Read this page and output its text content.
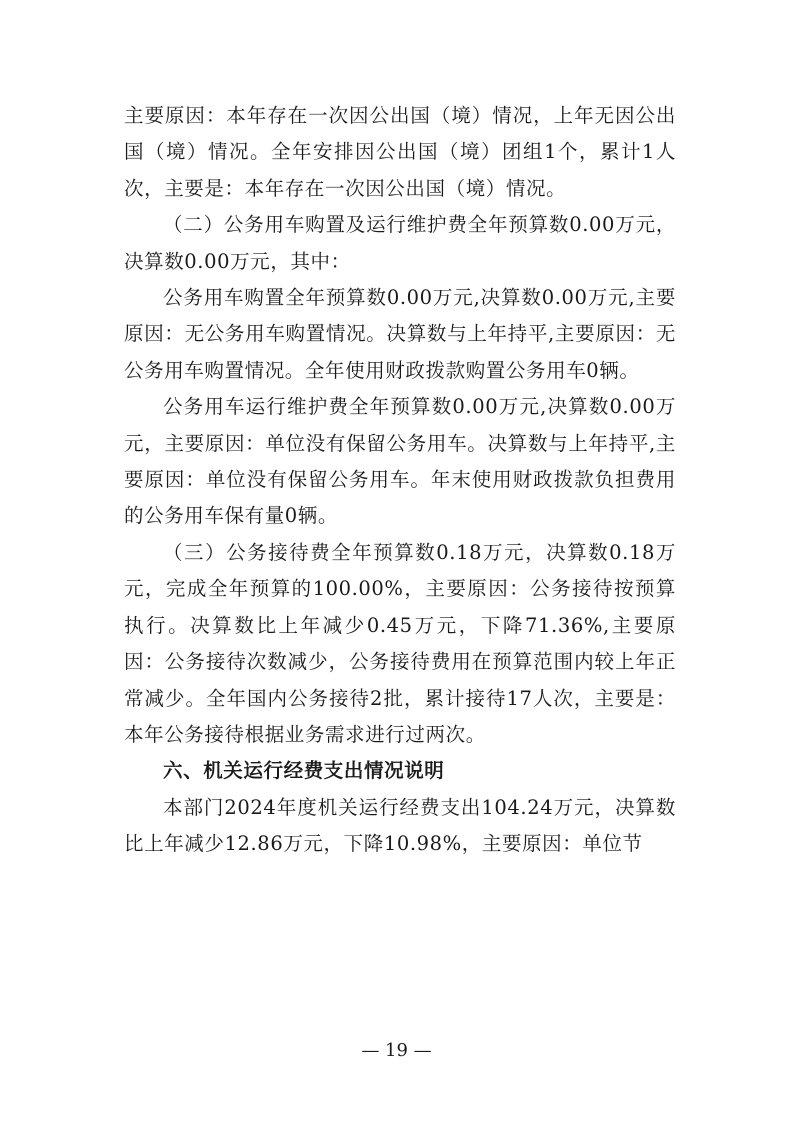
主要原因：本年存在一次因公出国（境）情况，上年无因公出国（境）情况。全年安排因公出国（境）团组1个，累计1人次，主要是：本年存在一次因公出国（境）情况。

（二）公务用车购置及运行维护费全年预算数0.00万元，决算数0.00万元，其中：

公务用车购置全年预算数0.00万元,决算数0.00万元,主要原因：无公务用车购置情况。决算数与上年持平,主要原因：无公务用车购置情况。全年使用财政拨款购置公务用车0辆。

公务用车运行维护费全年预算数0.00万元,决算数0.00万元，主要原因：单位没有保留公务用车。决算数与上年持平,主要原因：单位没有保留公务用车。年末使用财政拨款负担费用的公务用车保有量0辆。

（三）公务接待费全年预算数0.18万元，决算数0.18万元，完成全年预算的100.00%，主要原因：公务接待按预算执行。决算数比上年减少0.45万元，下降71.36%,主要原因：公务接待次数减少，公务接待费用在预算范围内较上年正常减少。全年国内公务接待2批，累计接待17人次，主要是：本年公务接待根据业务需求进行过两次。

六、机关运行经费支出情况说明

本部门2024年度机关运行经费支出104.24万元，决算数比上年减少12.86万元，下降10.98%，主要原因：单位节

— 19 —
